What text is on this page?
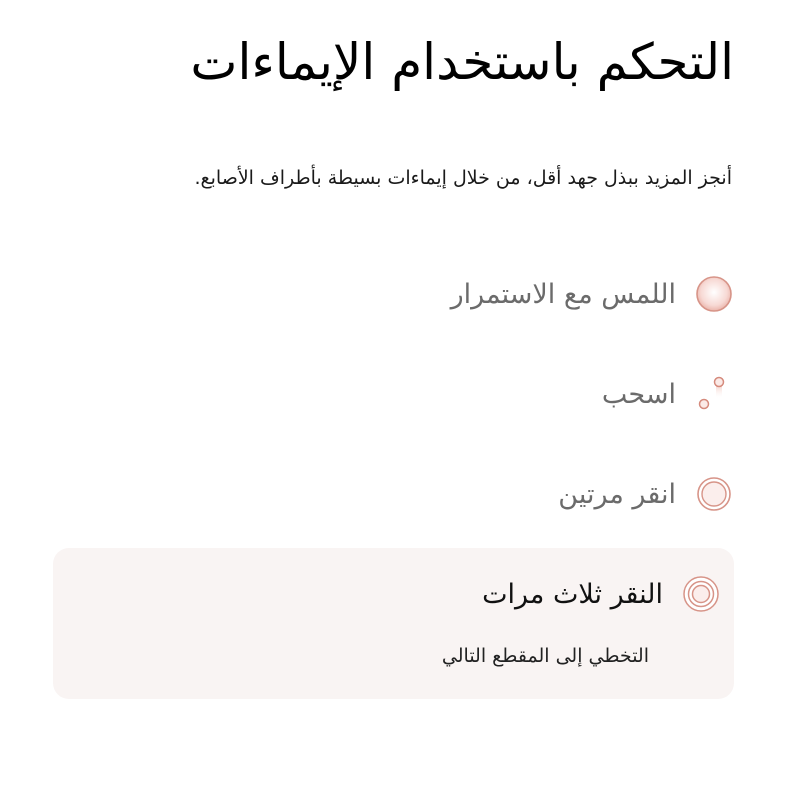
التحكم باستخدام الإيماءات

أنجز المزيد ببذل جهد أقل، من خلال إيماءات بسيطة بأطراف الأصابع.

اللمس مع الاستمرار
اسحب
انقر مرتين
النقر ثلاث مرات
التخطي إلى المقطع التالي
